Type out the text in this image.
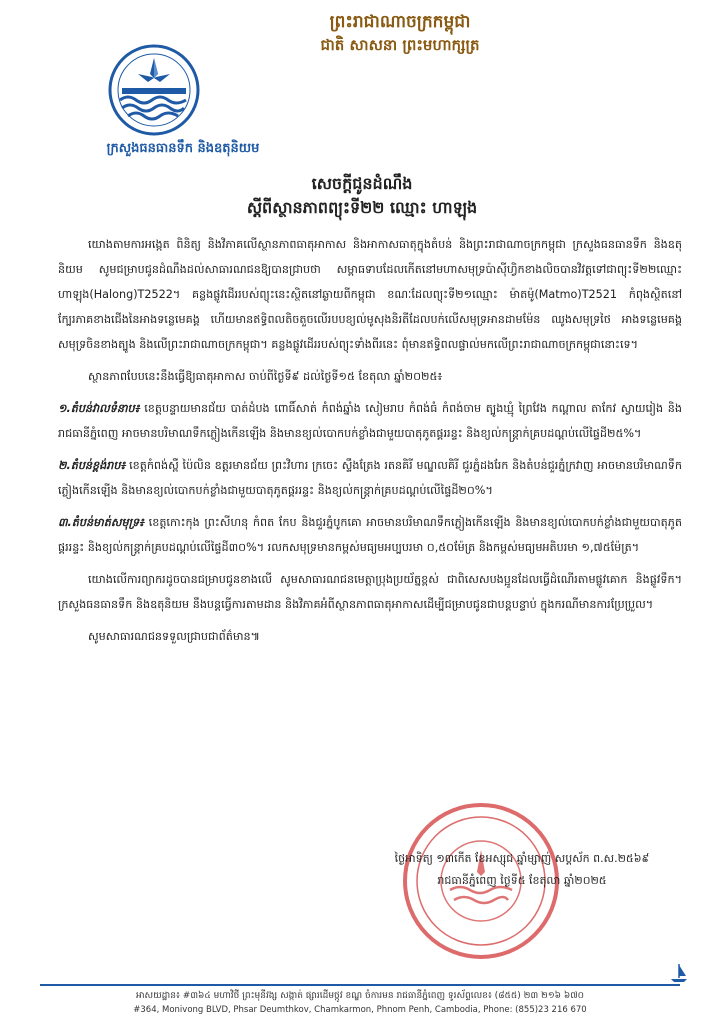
ព្រះរាជាណាចក្រកម្ពុជា
ជាតិ សាសនា ព្រះមហាក្សត្រ
ក្រសួងធនធានទឹក និងឧតុនិយម
សេចក្ដីជូនដំណឹង
ស្ដីពីស្ថានភាពព្យុះទី២២ ឈ្មោះ ហាឡុង

យោងតាមការអង្កេត ពិនិត្យ និងវិភាគលើស្ថានភាពធាតុអាកាស និងអាកាសធាតុក្នុងតំបន់ និងព្រះរាជាណាចក្រកម្ពុជា ក្រសួងធនធានទឹក និងឧតុនិយម សូមជម្រាបជូនដំណឹងដល់សាធារណជនឱ្យបានជ្រាបថា សម្ពាធទាបដែលកើតនៅមហាសមុទ្រប៉ាស៊ីហ្វិកខាងលិចបានវិវត្តទៅជាព្យុះទី២២ឈ្មោះ ហាឡុង(Halong)T2522។ គន្លងផ្លូវដើររបស់ព្យុះនេះស្ថិតនៅឆ្ងាយពីកម្ពុជា ខណៈដែលព្យុះទី២១ឈ្មោះ ម៉ាតម៉ូ(Matmo)T2521 កំពុងស្ថិតនៅក្បែរភាគខាងជើងនៃអាងទន្លេមេគង្គ ហើយមានឥទ្ធិពលតិចតួចលើរបបខ្យល់មូសុងនិរតីដែលបក់លើសមុទ្រអានដាមម៉ែន ឈូងសមុទ្រថៃ អាងទន្លេមេគង្គ សមុទ្រចិនខាងត្បូង និងលើព្រះរាជាណាចក្រកម្ពុជា។ គន្លងផ្លូវដើររបស់ព្យុះទាំងពីរនេះ ពុំមានឥទ្ធិពលផ្ទាល់មកលើព្រះរាជាណាចក្រកម្ពុជានោះទេ។

ស្ថានភាពបែបនេះនឹងធ្វើឱ្យធាតុអាកាស ចាប់ពីថ្ងៃទី៩ ដល់ថ្ងៃទី១៥ ខែតុលា ឆ្នាំ២០២៥៖

១.តំបន់វាលទំនាប៖ ខេត្តបន្ទាយមានជ័យ បាត់ដំបង ពោធិ៍សាត់ កំពង់ឆ្នាំង សៀមរាប កំពង់ធំ កំពង់ចាម ត្បូងឃ្មុំ ព្រៃវែង កណ្ដាល តាកែវ ស្វាយរៀង និងរាជធានីភ្នំពេញ អាចមានបរិមាណទឹកភ្លៀងកើនឡើង និងមានខ្យល់បោកបក់ខ្លាំងជាមួយបាតុភូតផ្គររន្ទះ និងខ្យល់កន្ត្រាក់គ្របដណ្ដប់លើផ្ទៃដី២៥%។

២.តំបន់ខ្ពង់រាប៖ ខេត្តកំពង់ស្ពឺ ប៉ៃលិន ឧត្ដរមានជ័យ ព្រះវិហារ ក្រចេះ ស្ទឹងត្រែង រតនគិរី មណ្ឌលគិរី ជួរភ្នំដងរែក និងតំបន់ជួរភ្នំក្រវាញ អាចមានបរិមាណទឹកភ្លៀងកើនឡើង និងមានខ្យល់បោកបក់ខ្លាំងជាមួយបាតុភូតផ្គររន្ទះ និងខ្យល់កន្ត្រាក់គ្របដណ្ដប់លើផ្ទៃដី២០%។

៣.តំបន់មាត់សមុទ្រ៖ ខេត្តកោះកុង ព្រះសីហនុ កំពត កែប និងជួរភ្នំបូកគោ អាចមានបរិមាណទឹកភ្លៀងកើនឡើង និងមានខ្យល់បោកបក់ខ្លាំងជាមួយបាតុភូតផ្គររន្ទះ និងខ្យល់កន្ត្រាក់គ្របដណ្ដប់លើផ្ទៃដី៣០%។ រលកសមុទ្រមានកម្ពស់មធ្យមអប្បបរមា ០,៥០ម៉ែត្រ និងកម្ពស់មធ្យមអតិបរមា ១,៧៥ម៉ែត្រ។

យោងលើការព្យាករដូចបានជម្រាបជូនខាងលើ សូមសាធារណជនមេត្តាប្រុងប្រយ័ត្នខ្ពស់ ជាពិសេសបងប្អូនដែលធ្វើដំណើរតាមផ្លូវគោក និងផ្លូវទឹក។ ក្រសួងធនធានទឹក និងឧតុនិយម នឹងបន្តធ្វើការតាមដាន និងវិភាគអំពីស្ថានភាពធាតុអាកាសដើម្បីជម្រាបជូនជាបន្តបន្ទាប់ ក្នុងករណីមានការប្រែប្រួល។

សូមសាធារណជនទទួលជ្រាបជាព័ត៌មាន៕

ថ្ងៃអាទិត្យ ១៣កើត ខែអស្សុជ ឆ្នាំម្សាញ់ សប្តស័ក ព.ស.២៥៦៩
រាជធានីភ្នំពេញ ថ្ងៃទី៥ ខែតុលា ឆ្នាំ២០២៥
អាសយដ្ឋាន៖ #៣៦៤ មហាវិថី ព្រះមុនីវង្ស សង្កាត់ ផ្សារដើមថ្កូវ ខណ្ឌ ចំការមន រាជធានីភ្នំពេញ ទូរស័ព្ទលេខ៖ (៨៥៥) ២៣ ២១៦ ៦៧០
#364, Monivong BLVD, Phsar Deumthkov, Chamkarmon, Phnom Penh, Cambodia, Phone: (855)23 216 670
